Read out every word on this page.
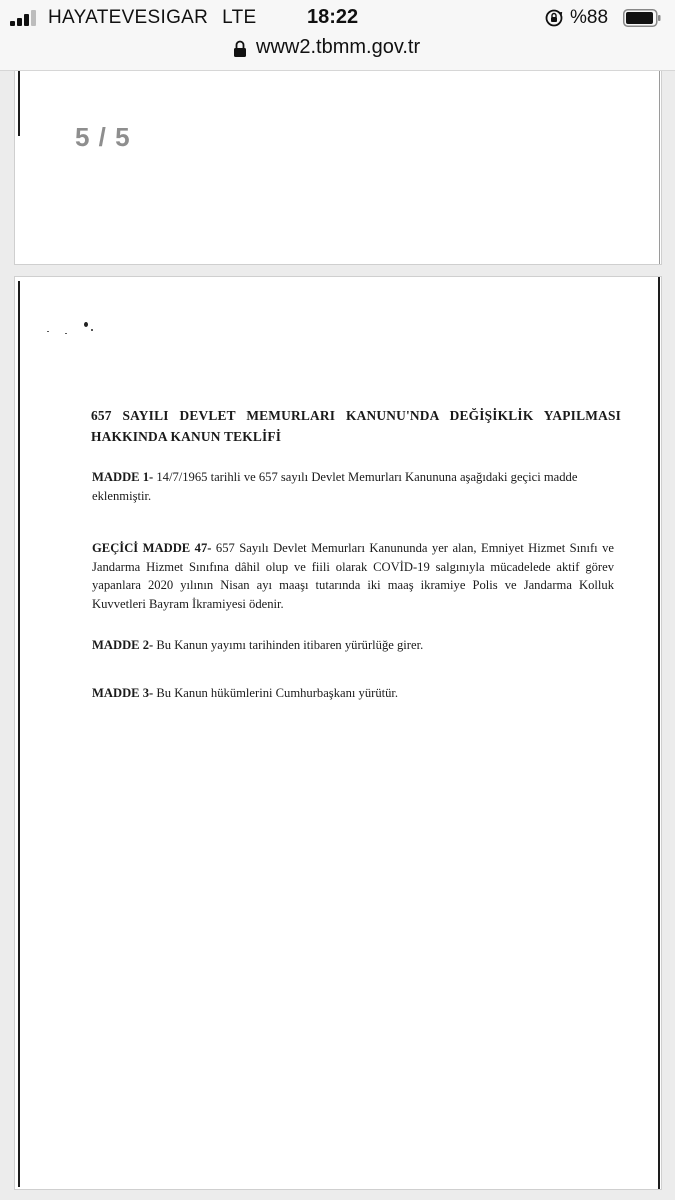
HAYATEVESIGAR LTE	18:22	%88
www2.tbmm.gov.tr
5 / 5
657 SAYILI DEVLET MEMURLARI KANUNU'NDA DEĞİŞİKLİK YAPILMASI HAKKINDA KANUN TEKLİFİ
MADDE 1- 14/7/1965 tarihli ve 657 sayılı Devlet Memurları Kanununa aşağıdaki geçici madde eklenmiştir.
GEÇİCİ MADDE 47- 657 Sayılı Devlet Memurları Kanununda yer alan, Emniyet Hizmet Sınıfı ve Jandarma Hizmet Sınıfına dâhil olup ve fiili olarak COVİD-19 salgınıyla mücadelede aktif görev yapanlara 2020 yılının Nisan ayı maaşı tutarında iki maaş ikramiye Polis ve Jandarma Kolluk Kuvvetleri Bayram İkramiyesi ödenir.
MADDE 2- Bu Kanun yayımı tarihinden itibaren yürürlüğe girer.
MADDE 3- Bu Kanun hükümlerini Cumhurbaşkanı yürütür.
